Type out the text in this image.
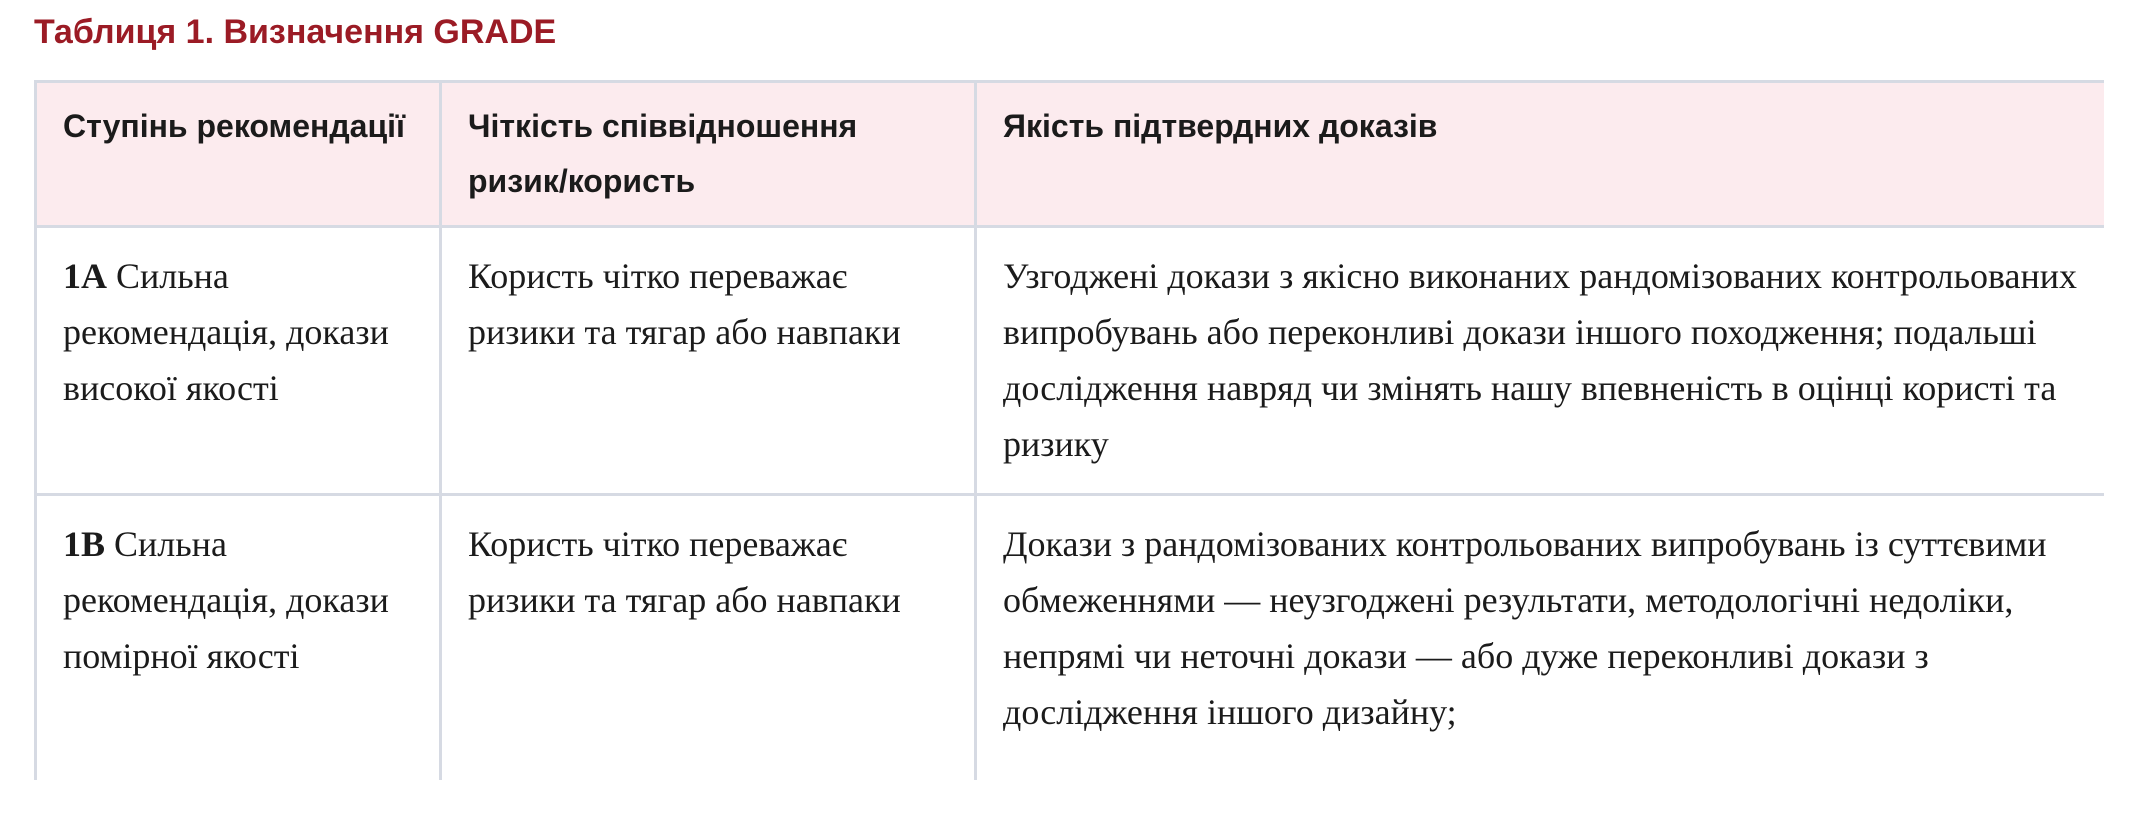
Таблиця 1. Визначення GRADE
Ступінь рекомендації	Чіткість співвідношення ризик/користь	Якість підтвердних доказів
1А Сильна рекомендація, докази високої якості	Користь чітко переважає ризики та тягар або навпаки	Узгоджені докази з якісно виконаних рандомізованих контрольованих випробувань або переконливі докази іншого походження; подальші дослідження навряд чи змінять нашу впевненість в оцінці користі та ризику
1В Сильна рекомендація, докази помірної якості	Користь чітко переважає ризики та тягар або навпаки	Докази з рандомізованих контрольованих випробувань із суттєвими обмеженнями — неузгоджені результати, методологічні недоліки, непрямі чи неточні докази — або дуже переконливі докази з дослідження іншого дизайну;
